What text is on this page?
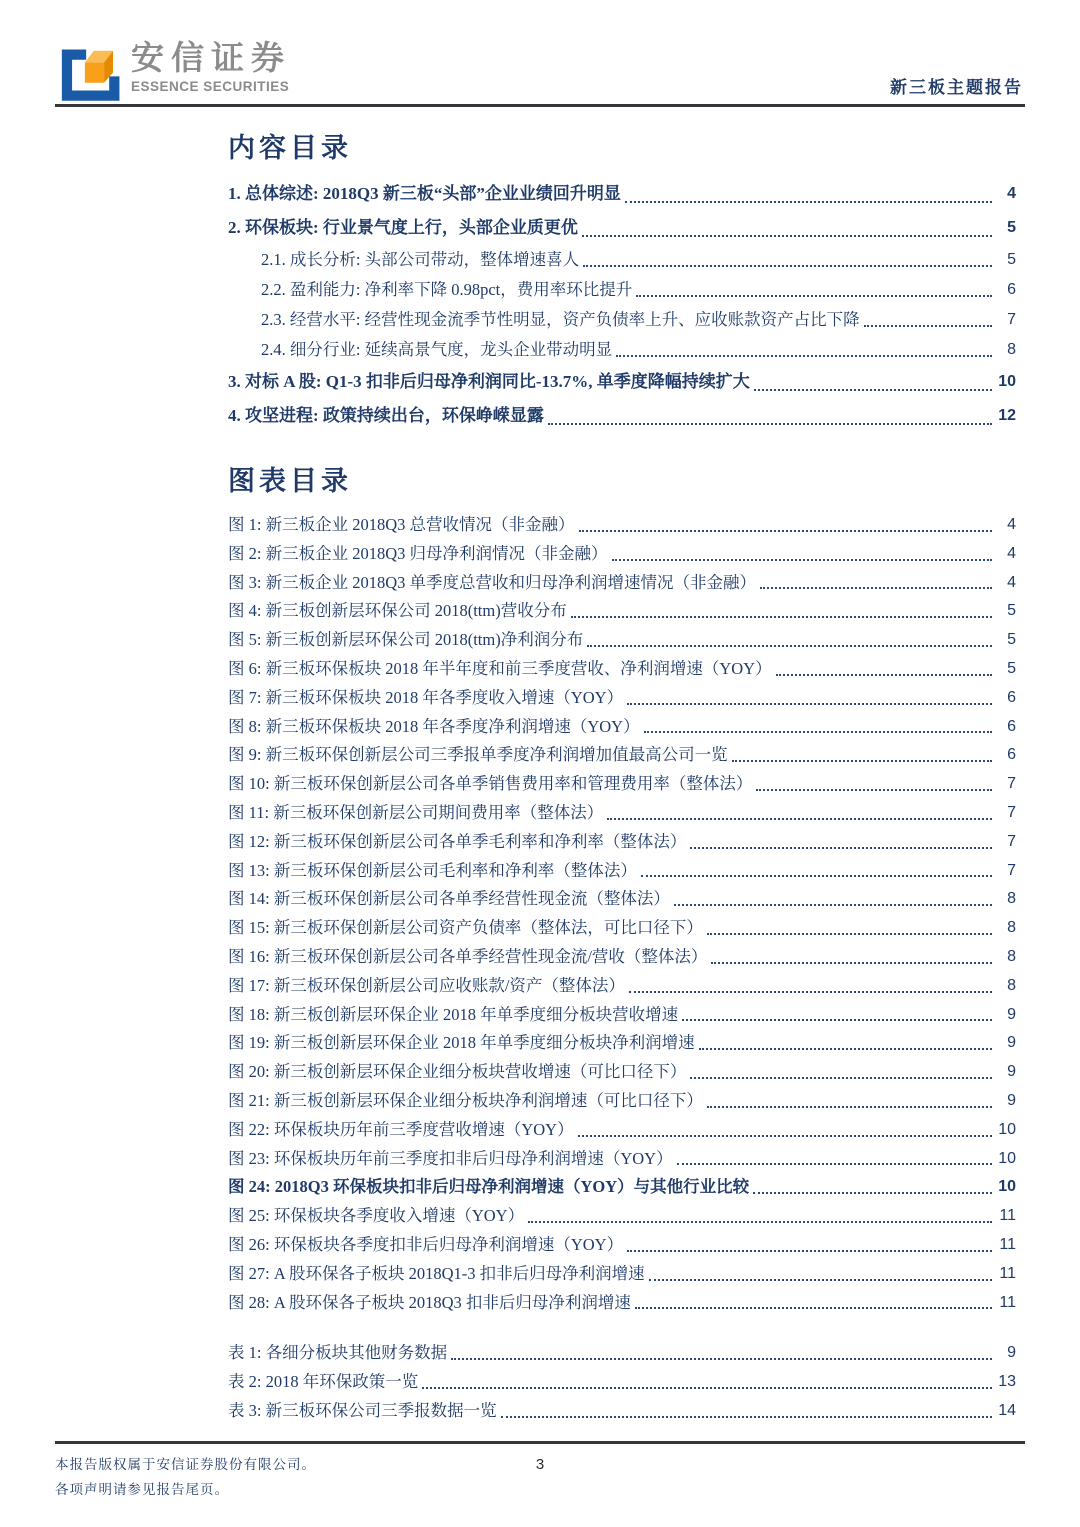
安信证券
ESSENCE SECURITIES	新三板主题报告
内容目录
1. 总体综述: 2018Q3 新三板“头部”企业业绩回升明显	4
2. 环保板块: 行业景气度上行，头部企业质更优	5
2.1. 成长分析: 头部公司带动，整体增速喜人	5
2.2. 盈利能力: 净利率下降 0.98pct，费用率环比提升	6
2.3. 经营水平: 经营性现金流季节性明显，资产负债率上升、应收账款资产占比下降	7
2.4. 细分行业: 延续高景气度，龙头企业带动明显	8
3. 对标 A 股: Q1-3 扣非后归母净利润同比-13.7%, 单季度降幅持续扩大	10
4. 攻坚进程: 政策持续出台，环保峥嵘显露	12
图表目录
图 1: 新三板企业 2018Q3 总营收情况（非金融）	4
图 2: 新三板企业 2018Q3 归母净利润情况（非金融）	4
图 3: 新三板企业 2018Q3 单季度总营收和归母净利润增速情况（非金融）	4
图 4: 新三板创新层环保公司 2018(ttm)营收分布	5
图 5: 新三板创新层环保公司 2018(ttm)净利润分布	5
图 6: 新三板环保板块 2018 年半年度和前三季度营收、净利润增速（YOY）	5
图 7: 新三板环保板块 2018 年各季度收入增速（YOY）	6
图 8: 新三板环保板块 2018 年各季度净利润增速（YOY）	6
图 9: 新三板环保创新层公司三季报单季度净利润增加值最高公司一览	6
图 10: 新三板环保创新层公司各单季销售费用率和管理费用率（整体法）	7
图 11: 新三板环保创新层公司期间费用率（整体法）	7
图 12: 新三板环保创新层公司各单季毛利率和净利率（整体法）	7
图 13: 新三板环保创新层公司毛利率和净利率（整体法）	7
图 14: 新三板环保创新层公司各单季经营性现金流（整体法）	8
图 15: 新三板环保创新层公司资产负债率（整体法，可比口径下）	8
图 16: 新三板环保创新层公司各单季经营性现金流/营收（整体法）	8
图 17: 新三板环保创新层公司应收账款/资产（整体法）	8
图 18: 新三板创新层环保企业 2018 年单季度细分板块营收增速	9
图 19: 新三板创新层环保企业 2018 年单季度细分板块净利润增速	9
图 20: 新三板创新层环保企业细分板块营收增速（可比口径下）	9
图 21: 新三板创新层环保企业细分板块净利润增速（可比口径下）	9
图 22: 环保板块历年前三季度营收增速（YOY）	10
图 23: 环保板块历年前三季度扣非后归母净利润增速（YOY）	10
图 24: 2018Q3 环保板块扣非后归母净利润增速（YOY）与其他行业比较	10
图 25: 环保板块各季度收入增速（YOY）	11
图 26: 环保板块各季度扣非后归母净利润增速（YOY）	11
图 27: A 股环保各子板块 2018Q1-3 扣非后归母净利润增速	11
图 28: A 股环保各子板块 2018Q3 扣非后归母净利润增速	11
表 1: 各细分板块其他财务数据	9
表 2: 2018 年环保政策一览	13
表 3: 新三板环保公司三季报数据一览	14
本报告版权属于安信证券股份有限公司。
各项声明请参见报告尾页。
3
